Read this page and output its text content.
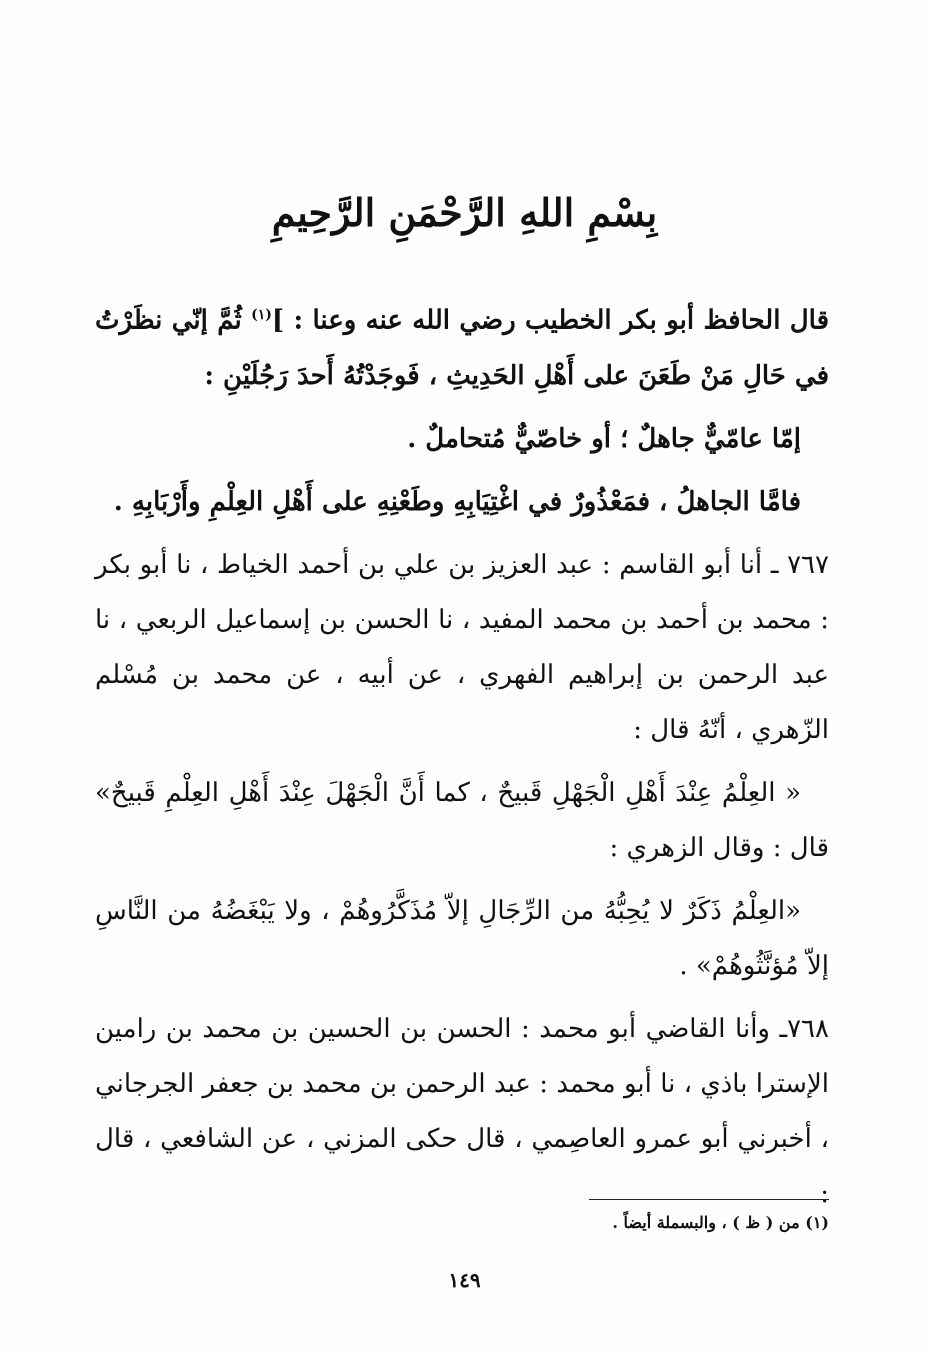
بِسْمِ اللهِ الرَّحْمَنِ الرَّحِيمِ

قال الحافظ أبو بكر الخطيب رضي الله عنه وعنا : ]$^{(١)}$ ثُمَّ إنّي نظَرْتُ في حَالِ مَنْ طَعَنَ على أَهْلِ الحَدِيثِ ، فَوجَدْتُهُ أَحدَ رَجُلَيْنِ :

إمّا عامّيٌّ جاهلٌ ؛ أو خاصّيٌّ مُتحاملٌ .

فامَّا الجاهلُ ، فمَعْذُورٌ في اغْتِيَابِهِ وطَعْنِهِ على أَهْلِ العِلْمِ وأَرْبَابِهِ .

٧٦٧ ـ أنا أبو القاسم : عبد العزيز بن علي بن أحمد الخياط ، نا أبو بكر : محمد بن أحمد بن محمد المفيد ، نا الحسن بن إسماعيل الربعي ، نا عبد الرحمن بن إبراهيم الفهري ، عن أبيه ، عن محمد بن مُسْلم الزّهري ، أنّهُ قال :

« العِلْمُ عِنْدَ أَهْلِ الْجَهْلِ قَبيحٌ ، كما أَنَّ الْجَهْلَ عِنْدَ أَهْلِ العِلْمِ قَبيحٌ» قال : وقال الزهري :

«العِلْمُ ذَكَرٌ لا يُحِبُّهُ من الرِّجَالِ إلاّ مُذَكَّرُوهُمْ ، ولا يَبْغَضُهُ من النَّاسِ إلاّ مُؤنَّثُوهُمْ» .

٧٦٨ـ وأنا القاضي أبو محمد : الحسن بن الحسين بن محمد بن رامين الإسترا باذي ، نا أبو محمد : عبد الرحمن بن محمد بن جعفر الجرجاني ، أخبرني أبو عمرو العاصِمي ، قال حكى المزني ، عن الشافعي ، قال :

(١) من ( ظ ) ، والبسملة أيضاً .
١٤٩
